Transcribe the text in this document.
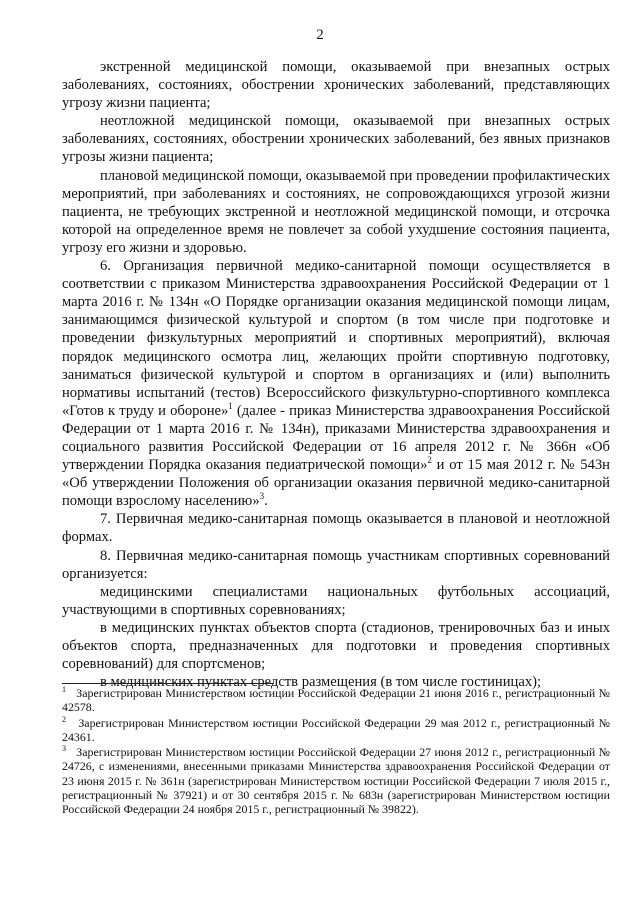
2

экстренной медицинской помощи, оказываемой при внезапных острых заболеваниях, состояниях, обострении хронических заболеваний, представляющих угрозу жизни пациента;

неотложной медицинской помощи, оказываемой при внезапных острых заболеваниях, состояниях, обострении хронических заболеваний, без явных признаков угрозы жизни пациента;

плановой медицинской помощи, оказываемой при проведении профилактических мероприятий, при заболеваниях и состояниях, не сопровождающихся угрозой жизни пациента, не требующих экстренной и неотложной медицинской помощи, и отсрочка которой на определенное время не повлечет за собой ухудшение состояния пациента, угрозу его жизни и здоровью.

6. Организация первичной медико-санитарной помощи осуществляется в соответствии с приказом Министерства здравоохранения Российской Федерации от 1 марта 2016 г. № 134н «О Порядке организации оказания медицинской помощи лицам, занимающимся физической культурой и спортом (в том числе при подготовке и проведении физкультурных мероприятий и спортивных мероприятий), включая порядок медицинского осмотра лиц, желающих пройти спортивную подготовку, заниматься физической культурой и спортом в организациях и (или) выполнить нормативы испытаний (тестов) Всероссийского физкультурно-спортивного комплекса «Готов к труду и обороне»$^1$ (далее - приказ Министерства здравоохранения Российской Федерации от 1 марта 2016 г. № 134н), приказами Министерства здравоохранения и социального развития Российской Федерации от 16 апреля 2012 г. № 366н «Об утверждении Порядка оказания педиатрической помощи»$^2$ и от 15 мая 2012 г. № 543н «Об утверждении Положения об организации оказания первичной медико-санитарной помощи взрослому населению»$^3$.

7. Первичная медико-санитарная помощь оказывается в плановой и неотложной формах.

8. Первичная медико-санитарная помощь участникам спортивных соревнований организуется:

медицинскими специалистами национальных футбольных ассоциаций, участвующими в спортивных соревнованиях;

в медицинских пунктах объектов спорта (стадионов, тренировочных баз и иных объектов спорта, предназначенных для подготовки и проведения спортивных соревнований) для спортсменов;

в медицинских пунктах средств размещения (в том числе гостиницах);

$^1$ Зарегистрирован Министерством юстиции Российской Федерации 21 июня 2016 г., регистрационный № 42578.

$^2$ Зарегистрирован Министерством юстиции Российской Федерации 29 мая 2012 г., регистрационный № 24361.

$^3$ Зарегистрирован Министерством юстиции Российской Федерации 27 июня 2012 г., регистрационный № 24726, с изменениями, внесенными приказами Министерства здравоохранения Российской Федерации от 23 июня 2015 г. № 361н (зарегистрирован Министерством юстиции Российской Федерации 7 июля 2015 г., регистрационный № 37921) и от 30 сентября 2015 г. № 683н (зарегистрирован Министерством юстиции Российской Федерации 24 ноября 2015 г., регистрационный № 39822).
